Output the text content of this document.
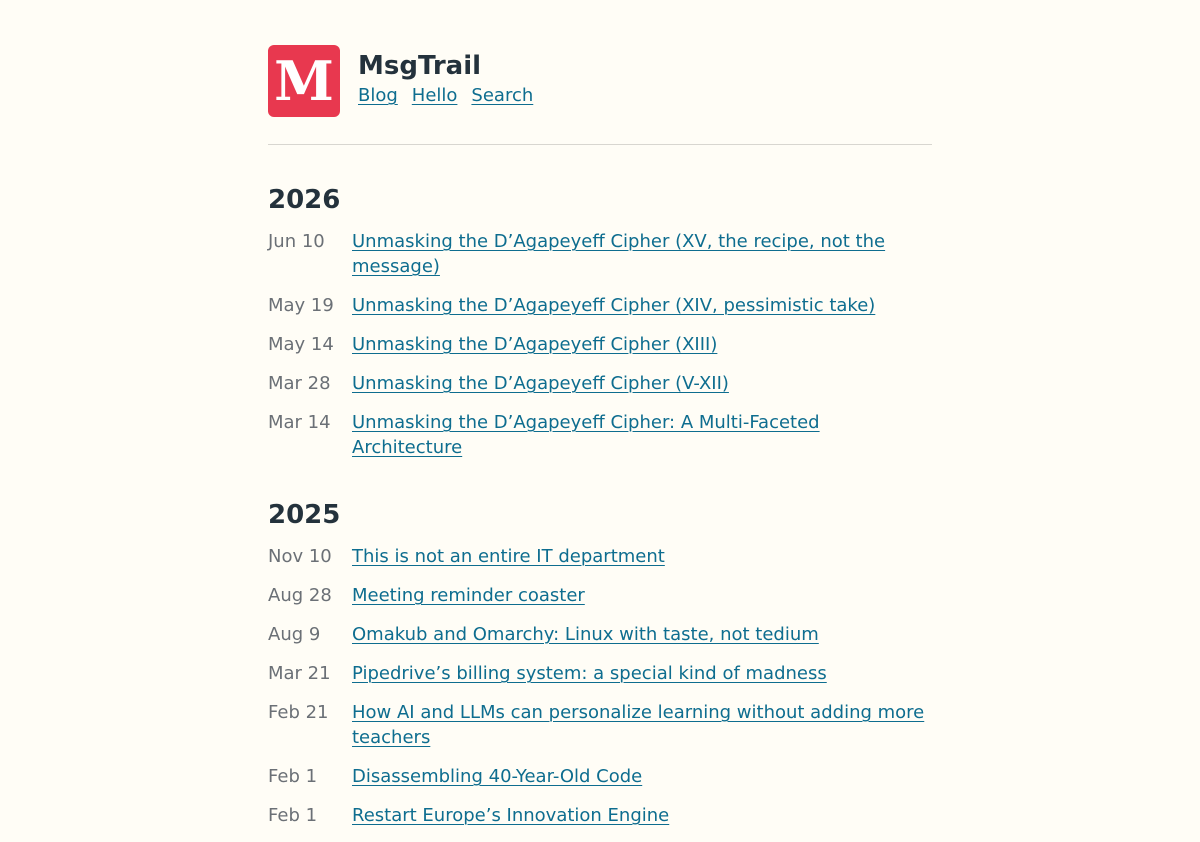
M MsgTrail
Blog Hello Search
2026
Jun 10	Unmasking the D’Agapeyeff Cipher (XV, the recipe, not the message)
May 19	Unmasking the D’Agapeyeff Cipher (XIV, pessimistic take)
May 14	Unmasking the D’Agapeyeff Cipher (XIII)
Mar 28	Unmasking the D’Agapeyeff Cipher (V-XII)
Mar 14	Unmasking the D’Agapeyeff Cipher: A Multi-Faceted Architecture
2025
Nov 10	This is not an entire IT department
Aug 28	Meeting reminder coaster
Aug 9	Omakub and Omarchy: Linux with taste, not tedium
Mar 21	Pipedrive’s billing system: a special kind of madness
Feb 21	How AI and LLMs can personalize learning without adding more teachers
Feb 1	Disassembling 40-Year-Old Code
Feb 1	Restart Europe’s Innovation Engine
